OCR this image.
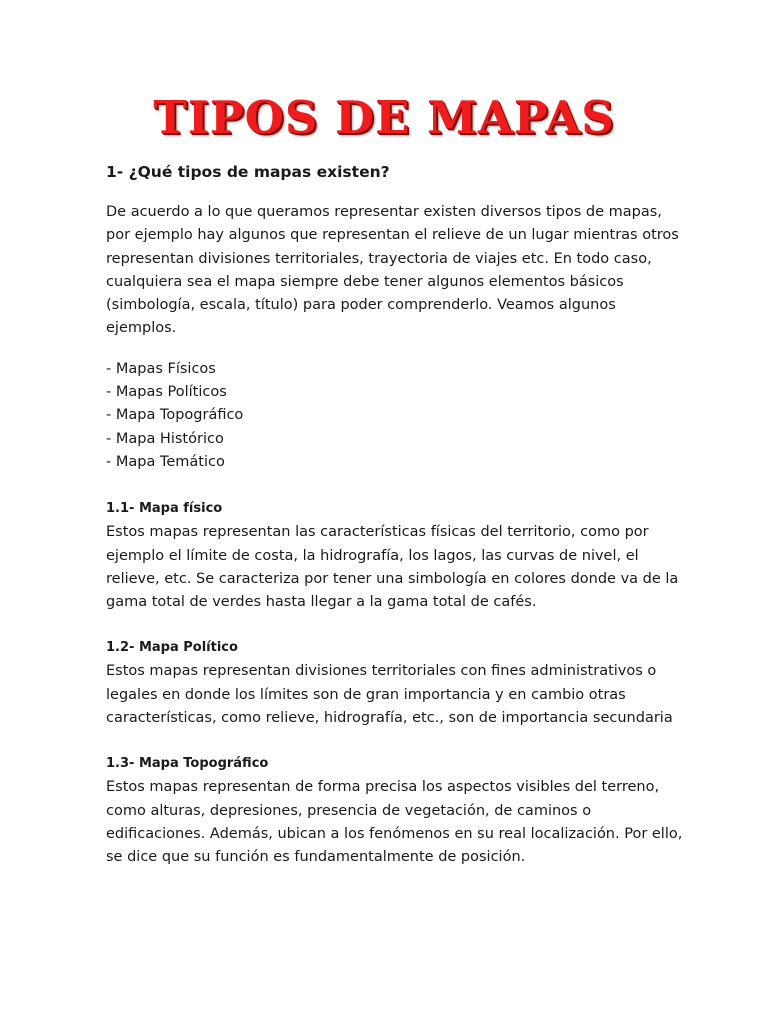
TIPOS DE MAPAS
1- ¿Qué tipos de mapas existen?

De acuerdo a lo que queramos representar existen diversos tipos de mapas, por ejemplo hay algunos que representan el relieve de un lugar mientras otros representan divisiones territoriales, trayectoria de viajes etc. En todo caso, cualquiera sea el mapa siempre debe tener algunos elementos básicos (simbología, escala, título) para poder comprenderlo. Veamos algunos ejemplos.

- Mapas Físicos
- Mapas Políticos
- Mapa Topográfico
- Mapa Histórico
- Mapa Temático
1.1- Mapa físico

Estos mapas representan las características físicas del territorio, como por ejemplo el límite de costa, la hidrografía, los lagos, las curvas de nivel, el relieve, etc. Se caracteriza por tener una simbología en colores donde va de la gama total de verdes hasta llegar a la gama total de cafés.

1.2- Mapa Político

Estos mapas representan divisiones territoriales con fines administrativos o legales en donde los límites son de gran importancia y en cambio otras características, como relieve, hidrografía, etc., son de importancia secundaria

1.3- Mapa Topográfico

Estos mapas representan de forma precisa los aspectos visibles del terreno, como alturas, depresiones, presencia de vegetación, de caminos o edificaciones. Además, ubican a los fenómenos en su real localización. Por ello, se dice que su función es fundamentalmente de posición.
